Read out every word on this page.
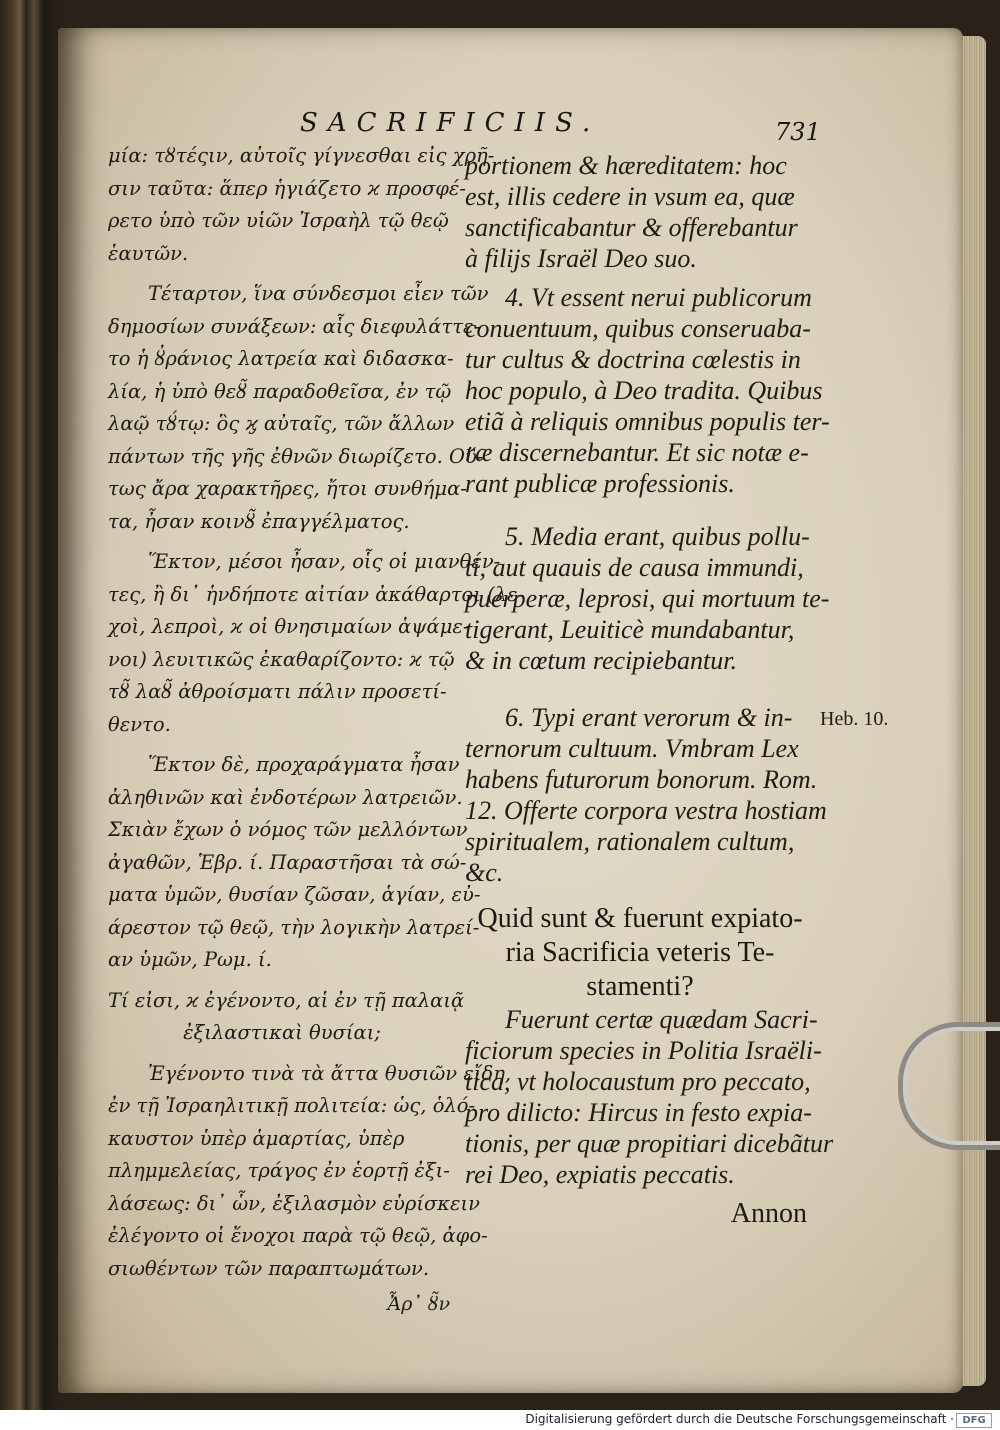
SACRIFICIIS.	731
μία: τȣτέςιν, αὐτοῖς γίγνεσθαι εἰς χρῆ-
σιν ταῦτα: ἅπερ ἡγιάζετο ϰ προσφέ-
ρετο ὑπὸ τῶν υἱῶν Ἰσραὴλ τῷ θεῷ
ἑαυτῶν.
Τέταρτον, ἵνα σύνδεσμοι εἶεν τῶν
δημοσίων συνάξεων: αἷς διεφυλάττε-
το ἡ ȣ̓ράνιος λατρεία καὶ διδασκα-
λία, ἡ ὑπὸ θεȣ̃ παραδοθεῖσα, ἐν τῷ
λαῷ τȣ́τῳ: ὃς ϗ αὐταῖς, τῶν ἄλλων
πάντων τῆς γῆς ἐθνῶν διωρίζετο. Οὕ-
τως ἄρα χαρακτῆρες, ἤτοι συνθήμα-
τα, ἦσαν κοινȣ̃ ἐπαγγέλματος.
Ἕκτον, μέσοι ἦσαν, οἷς οἱ μιανθέν-
τες, ἢ δι᾽ ἡνδήποτε αἰτίαν ἀκάθαρτοι (λε-
χοὶ, λεπροὶ, ϰ οἱ θνησιμαίων ἁψάμε-
νοι) λευιτικῶς ἐκαθαρίζοντο: ϰ τῷ
τȣ̃ λαȣ̃ ἀθροίσματι πάλιν προσετί-
θεντο.
Ἕκτον δὲ, προχαράγματα ἦσαν
ἀληθινῶν καὶ ἐνδοτέρων λατρειῶν.
Σκιὰν ἔχων ὁ νόμος τῶν μελλόντων
ἀγαθῶν, Ἑβρ. ί. Παραστῆσαι τὰ σώ-
ματα ὑμῶν, θυσίαν ζῶσαν, ἁγίαν, εὐ-
άρεστον τῷ θεῷ, τὴν λογικὴν λατρεί-
αν ὑμῶν, Ρωμ. ί.
Τί εἰσι, ϰ ἐγένοντο, αἱ ἐν τῇ παλαιᾷ
ἐξιλαστικαὶ θυσίαι;
Ἐγένοντο τινὰ τὰ ἄττα θυσιῶν εἴδη,
ἐν τῇ Ἰσραηλιτικῇ πολιτεία: ὡς, ὁλό-
καυστον ὑπὲρ ἁμαρτίας, ὑπὲρ
πλημμελείας, τράγος ἐν ἑορτῇ ἐξι-
λάσεως: δι᾽ ὧν, ἐξιλασμὸν εὑρίσκειν
ἐλέγοντο οἱ ἔνοχοι παρὰ τῷ θεῷ, ἀφο-
σιωθέντων τῶν παραπτωμάτων.
Ἆρ᾽ ȣ̃ν
portionem & hæreditatem: hoc
est, illis cedere in vsum ea, quæ
sanctificabantur & offerebantur
à filijs Israël Deo suo.
4. Vt essent nerui publicorum
conuentuum, quibus conseruaba-
tur cultus & doctrina cœlestis in
hoc populo, à Deo tradita. Quibus
etiã à reliquis omnibus populis ter-
ræ discernebantur. Et sic notæ e-
rant publicæ professionis.
5. Media erant, quibus pollu-
ti, aut quauis de causa immundi,
puerperæ, leprosi, qui mortuum te-
tigerant, Leuiticè mundabantur,
& in cœtum recipiebantur.
6. Typi erant verorum & in-
ternorum cultuum. Vmbram Lex
habens futurorum bonorum. Rom.
12. Offerte corpora vestra hostiam
spiritualem, rationalem cultum,
&c.
Quid sunt & fuerunt expiato-
ria Sacrificia veteris Te-
stamenti?
Fuerunt certæ quædam Sacri-
ficiorum species in Politia Israëli-
tica, vt holocaustum pro peccato,
pro dilicto: Hircus in festo expia-
tionis, per quæ propitiari dicebãtur
rei Deo, expiatis peccatis.
Annon
Heb. 10.
Digitalisierung gefördert durch die Deutsche Forschungsgemeinschaft · DFG
